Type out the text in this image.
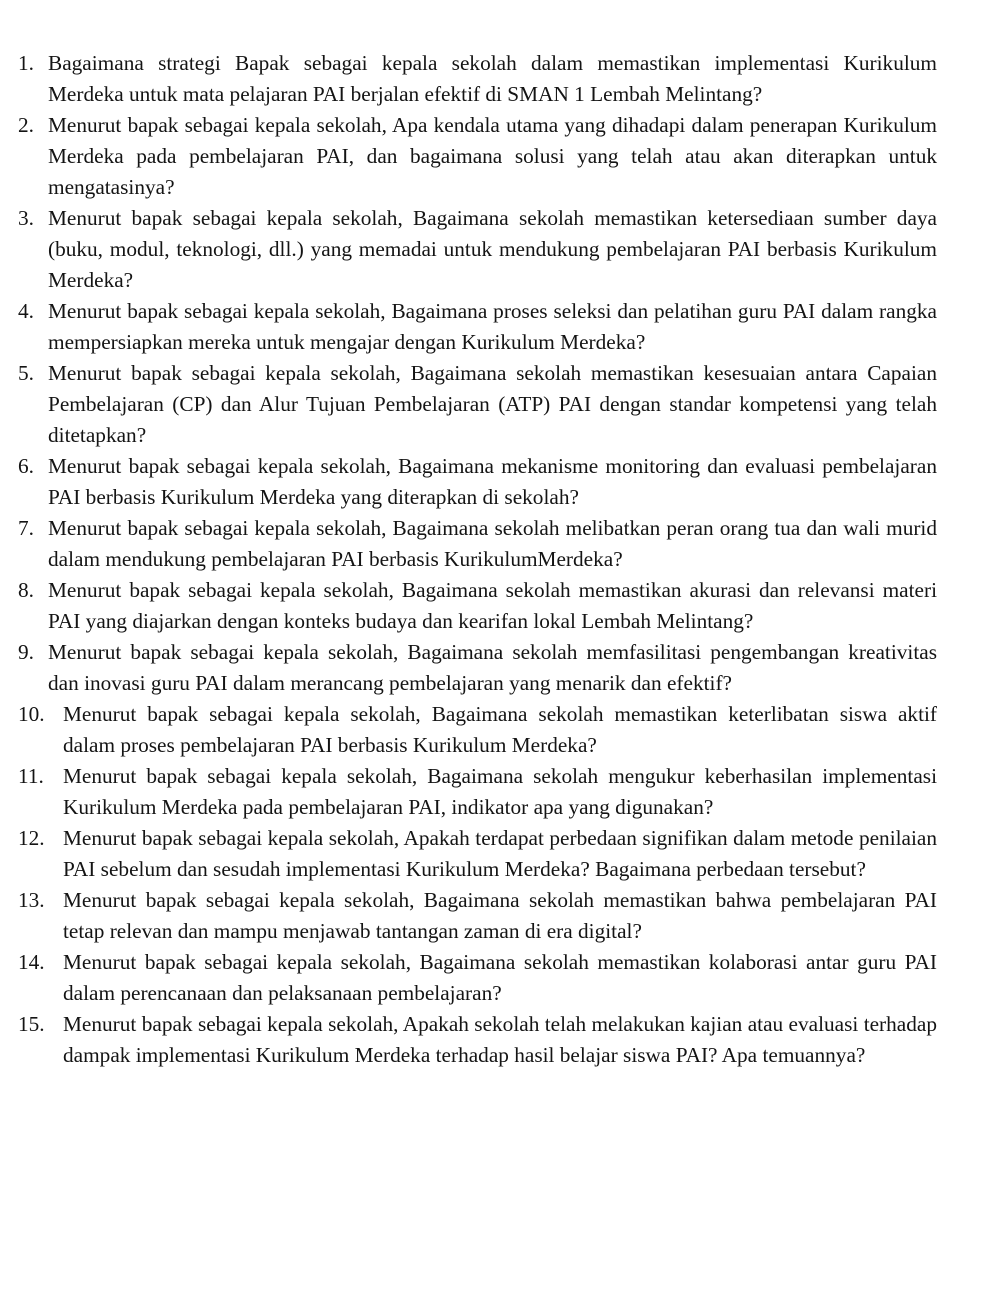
1. Bagaimana strategi Bapak sebagai kepala sekolah dalam memastikan implementasi Kurikulum Merdeka untuk mata pelajaran PAI berjalan efektif di SMAN 1 Lembah Melintang?
2. Menurut bapak sebagai kepala sekolah, Apa kendala utama yang dihadapi dalam penerapan Kurikulum Merdeka pada pembelajaran PAI, dan bagaimana solusi yang telah atau akan diterapkan untuk mengatasinya?
3. Menurut bapak sebagai kepala sekolah, Bagaimana sekolah memastikan ketersediaan sumber daya (buku, modul, teknologi, dll.) yang memadai untuk mendukung pembelajaran PAI berbasis Kurikulum Merdeka?
4. Menurut bapak sebagai kepala sekolah, Bagaimana proses seleksi dan pelatihan guru PAI dalam rangka mempersiapkan mereka untuk mengajar dengan Kurikulum Merdeka?
5. Menurut bapak sebagai kepala sekolah, Bagaimana sekolah memastikan kesesuaian antara Capaian Pembelajaran (CP) dan Alur Tujuan Pembelajaran (ATP) PAI dengan standar kompetensi yang telah ditetapkan?
6. Menurut bapak sebagai kepala sekolah, Bagaimana mekanisme monitoring dan evaluasi pembelajaran PAI berbasis Kurikulum Merdeka yang diterapkan di sekolah?
7. Menurut bapak sebagai kepala sekolah, Bagaimana sekolah melibatkan peran orang tua dan wali murid dalam mendukung pembelajaran PAI berbasis KurikulumMerdeka?
8. Menurut bapak sebagai kepala sekolah, Bagaimana sekolah memastikan akurasi dan relevansi materi PAI yang diajarkan dengan konteks budaya dan kearifan lokal Lembah Melintang?
9. Menurut bapak sebagai kepala sekolah, Bagaimana sekolah memfasilitasi pengembangan kreativitas dan inovasi guru PAI dalam merancang pembelajaran yang menarik dan efektif?
10. Menurut bapak sebagai kepala sekolah, Bagaimana sekolah memastikan keterlibatan siswa aktif dalam proses pembelajaran PAI berbasis Kurikulum Merdeka?
11. Menurut bapak sebagai kepala sekolah, Bagaimana sekolah mengukur keberhasilan implementasi Kurikulum Merdeka pada pembelajaran PAI, indikator apa yang digunakan?
12. Menurut bapak sebagai kepala sekolah, Apakah terdapat perbedaan signifikan dalam metode penilaian PAI sebelum dan sesudah implementasi Kurikulum Merdeka? Bagaimana perbedaan tersebut?
13. Menurut bapak sebagai kepala sekolah, Bagaimana sekolah memastikan bahwa pembelajaran PAI tetap relevan dan mampu menjawab tantangan zaman di era digital?
14. Menurut bapak sebagai kepala sekolah, Bagaimana sekolah memastikan kolaborasi antar guru PAI dalam perencanaan dan pelaksanaan pembelajaran?
15. Menurut bapak sebagai kepala sekolah, Apakah sekolah telah melakukan kajian atau evaluasi terhadap dampak implementasi Kurikulum Merdeka terhadap hasil belajar siswa PAI? Apa temuannya?
